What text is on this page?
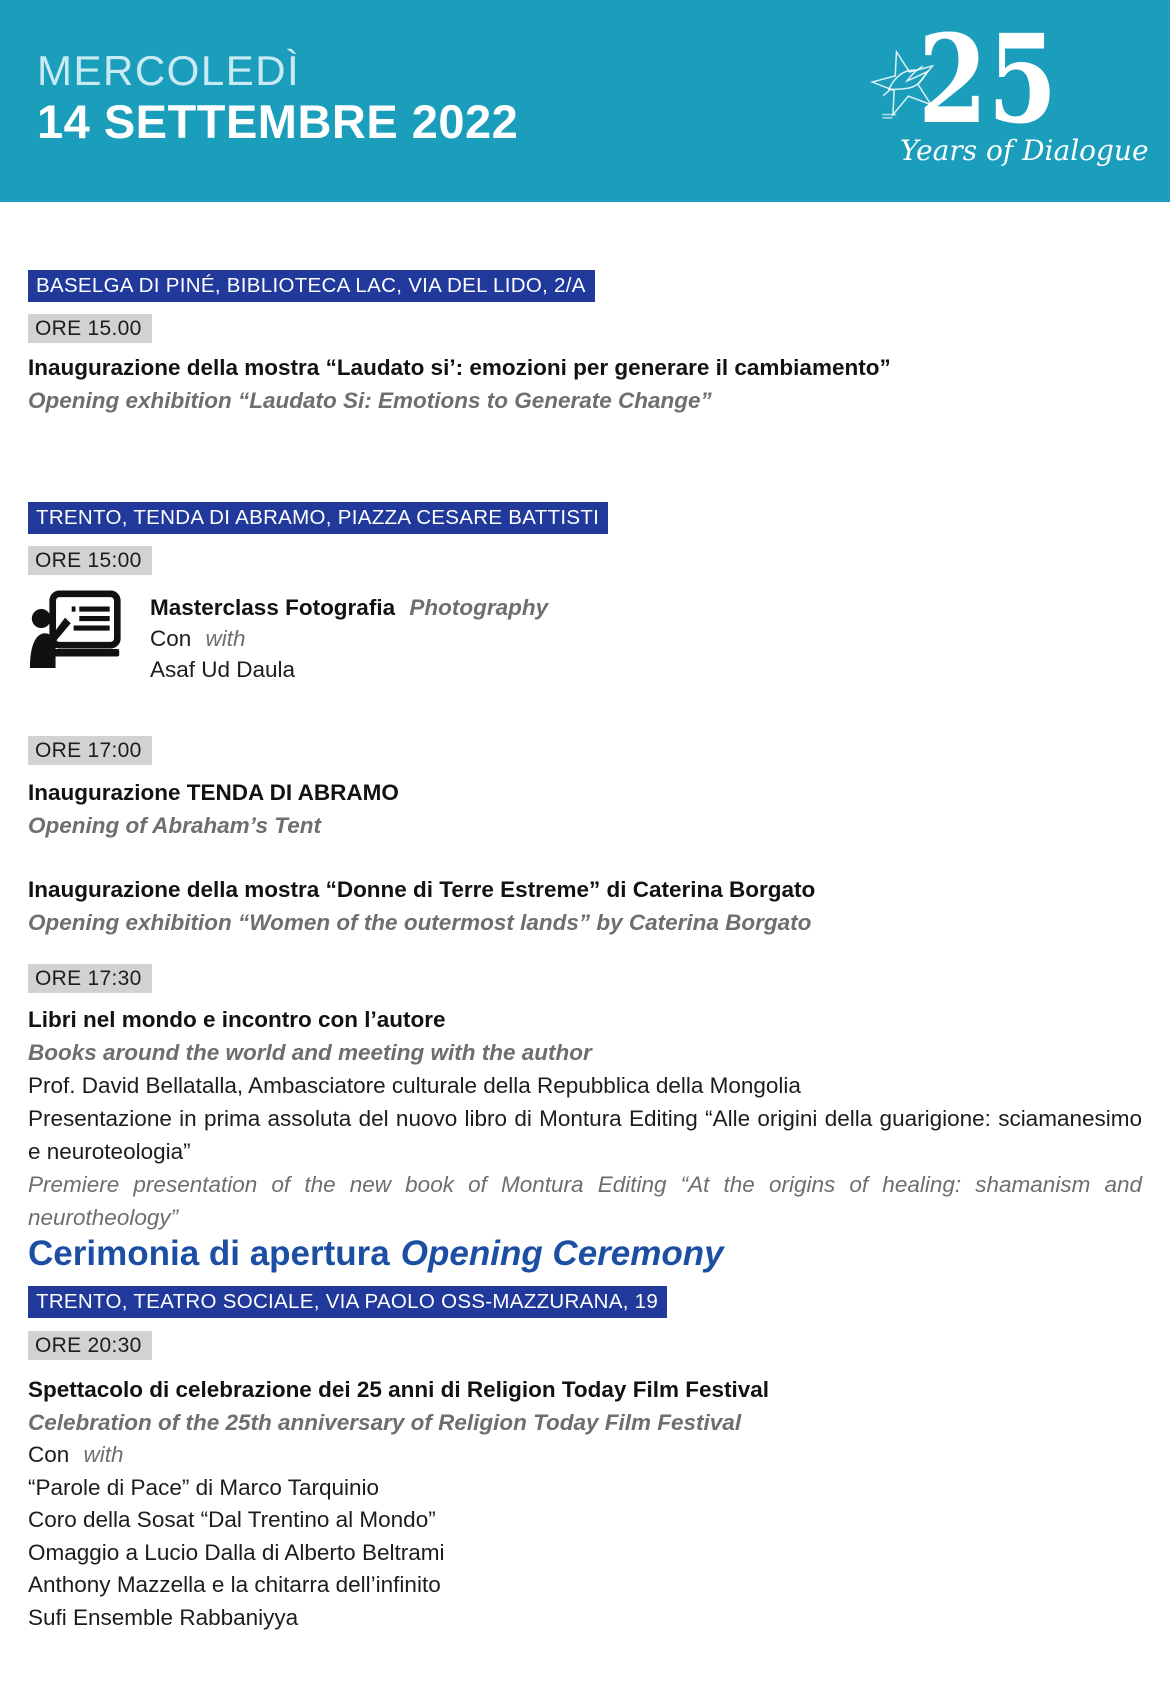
MERCOLEDÌ
14 SETTEMBRE 2022	25
Years of Dialogue
BASELGA DI PINÉ, BIBLIOTECA LAC, VIA DEL LIDO, 2/A
ORE 15.00

Inaugurazione della mostra “Laudato si’: emozioni per generare il cambiamento”

Opening exhibition “Laudato Si: Emotions to Generate Change”

TRENTO, TENDA DI ABRAMO, PIAZZA CESARE BATTISTI
ORE 15:00

Masterclass Fotografia Photography

Con with

Asaf Ud Daula

ORE 17:00

Inaugurazione TENDA DI ABRAMO

Opening of Abraham’s Tent

Inaugurazione della mostra “Donne di Terre Estreme” di Caterina Borgato

Opening exhibition “Women of the outermost lands” by Caterina Borgato

ORE 17:30

Libri nel mondo e incontro con l’autore

Books around the world and meeting with the author

Prof. David Bellatalla, Ambasciatore culturale della Repubblica della Mongolia

Presentazione in prima assoluta del nuovo libro di Montura Editing “Alle origini della guarigione: sciamanesimo e neuroteologia”

Premiere presentation of the new book of Montura Editing “At the origins of healing: shamanism and neurotheology”

Cerimonia di apertura Opening Ceremony
TRENTO, TEATRO SOCIALE, VIA PAOLO OSS-MAZZURANA, 19
ORE 20:30

Spettacolo di celebrazione dei 25 anni di Religion Today Film Festival

Celebration of the 25th anniversary of Religion Today Film Festival

Con with

“Parole di Pace” di Marco Tarquinio

Coro della Sosat “Dal Trentino al Mondo”

Omaggio a Lucio Dalla di Alberto Beltrami

Anthony Mazzella e la chitarra dell’infinito

Sufi Ensemble Rabbaniyya
